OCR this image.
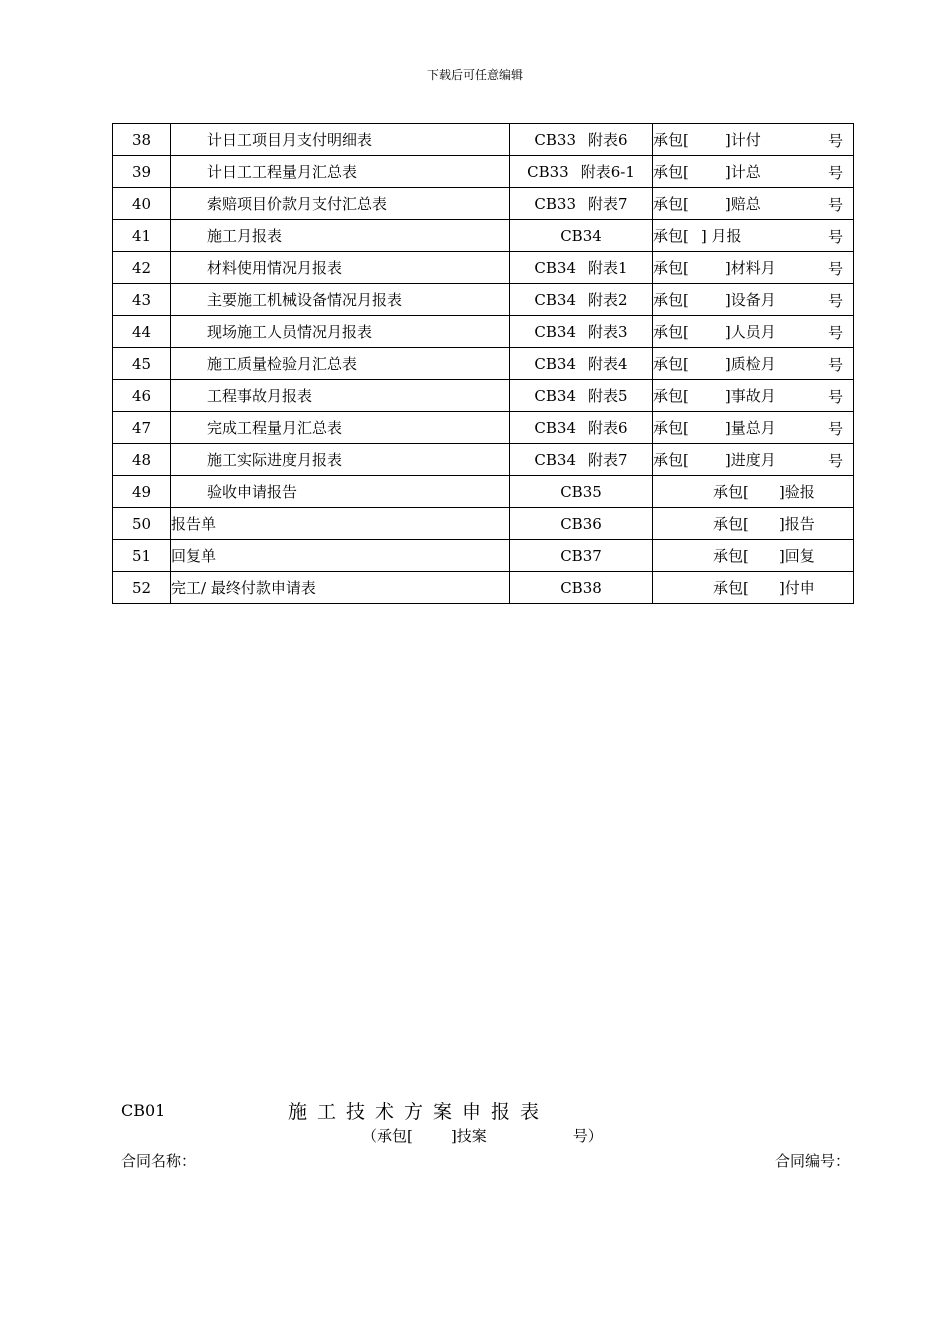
下载后可任意编辑
38	计日工项目月支付明细表	CB33 附表6	承包[ ]计付 号

39	计日工工程量月汇总表	CB33 附表6-1	承包[ ]计总 号

40	索赔项目价款月支付汇总表	CB33 附表7	承包[ ]赔总 号

41	施工月报表	CB34	承包[ ] 月报 号

42	材料使用情况月报表	CB34 附表1	承包[ ]材料月 号

43	主要施工机械设备情况月报表	CB34 附表2	承包[ ]设备月 号

44	现场施工人员情况月报表	CB34 附表3	承包[ ]人员月 号

45	施工质量检验月汇总表	CB34 附表4	承包[ ]质检月 号

46	工程事故月报表	CB34 附表5	承包[ ]事故月 号

47	完成工程量月汇总表	CB34 附表6	承包[ ]量总月 号

48	施工实际进度月报表	CB34 附表7	承包[ ]进度月 号

49	验收申请报告	CB35	承包[ ]验报
50	报告单	CB36	承包[ ]报告
51	回复单	CB37	承包[ ]回复
52	完工/ 最终付款申请表	CB38	承包[ ]付申
CB01	施工技术方案申报表
（承包[	]技案	号）
合同名称：	合同编号：
